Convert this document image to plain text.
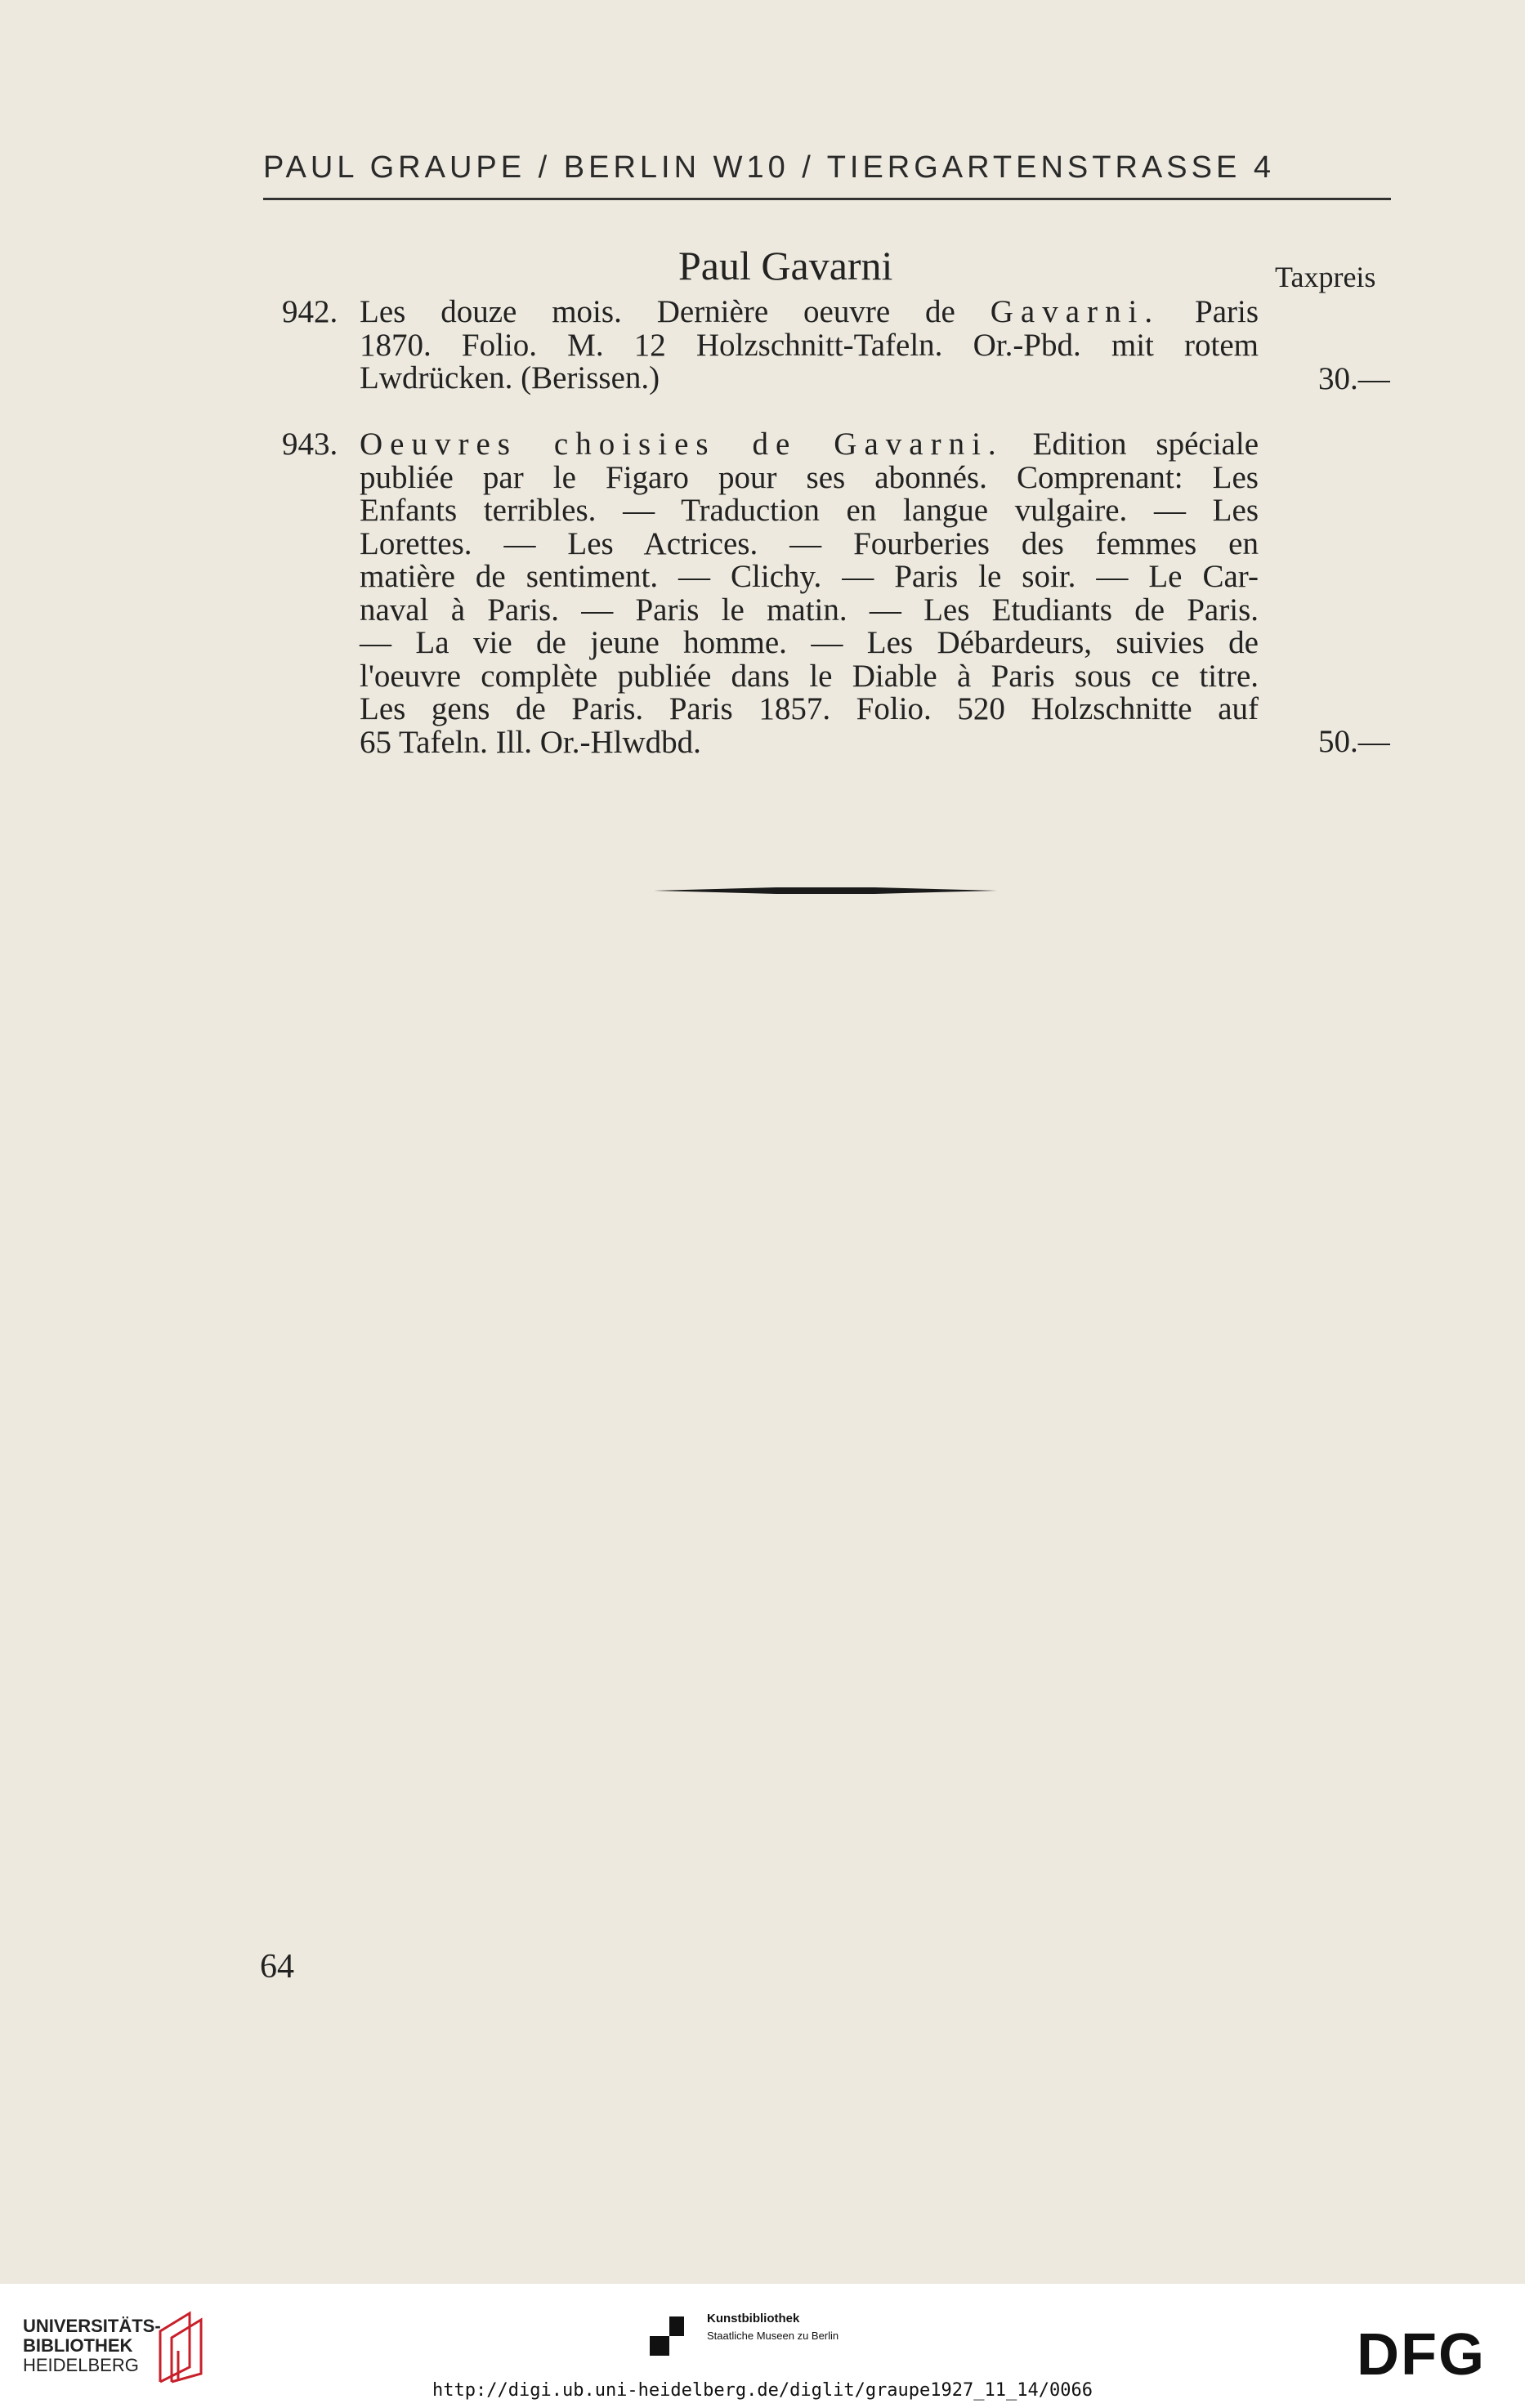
PAUL GRAUPE / BERLIN W10 / TIERGARTENSTRASSE 4
Paul Gavarni	Taxpreis
942. Les douze mois. Dernière oeuvre de Gavarni. Paris
1870. Folio. M. 12 Holzschnitt-Tafeln. Or.-Pbd. mit rotem
Lwdrücken. (Berissen.)	30.—
943. Oeuvres choisies de Gavarni. Edition spéciale
publiée par le Figaro pour ses abonnés. Comprenant: Les
Enfants terribles. — Traduction en langue vulgaire. — Les
Lorettes. — Les Actrices. — Fourberies des femmes en
matière de sentiment. — Clichy. — Paris le soir. — Le Car-
naval à Paris. — Paris le matin. — Les Etudiants de Paris.
— La vie de jeune homme. — Les Débardeurs, suivies de
l'oeuvre complète publiée dans le Diable à Paris sous ce titre.
Les gens de Paris. Paris 1857. Folio. 520 Holzschnitte auf
65 Tafeln. Ill. Or.-Hlwdbd.	50.—
64
UNIVERSITÄTS-
BIBLIOTHEK
HEIDELBERG
Kunstbibliothek
Staatliche Museen zu Berlin	DFG
http://digi.ub.uni-heidelberg.de/diglit/graupe1927_11_14/0066
